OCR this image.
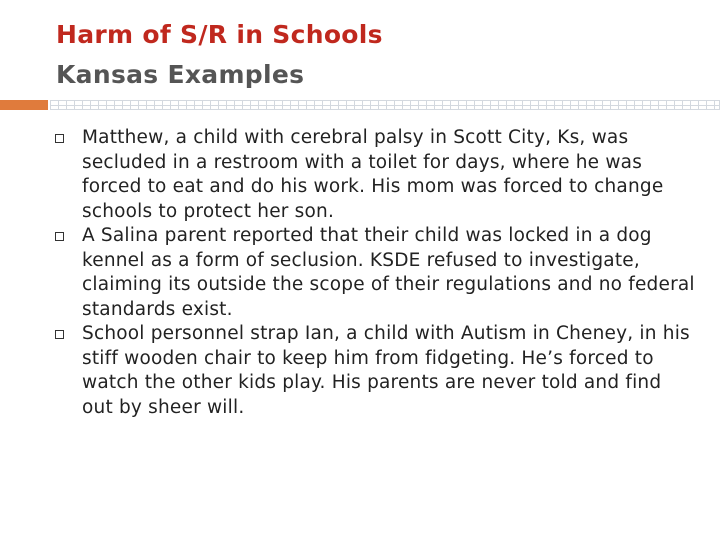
Harm of S/R in Schools
Kansas Examples
Matthew, a child with cerebral palsy in Scott City, Ks, was secluded in a restroom with a toilet for days, where he was forced to eat and do his work. His mom was forced to change schools to protect her son.
A Salina parent reported that their child was locked in a dog kennel as a form of seclusion. KSDE refused to investigate, claiming its outside the scope of their regulations and no federal standards exist.
School personnel strap Ian, a child with Autism in Cheney, in his stiff wooden chair to keep him from fidgeting. He’s forced to watch the other kids play. His parents are never told and find out by sheer will.
